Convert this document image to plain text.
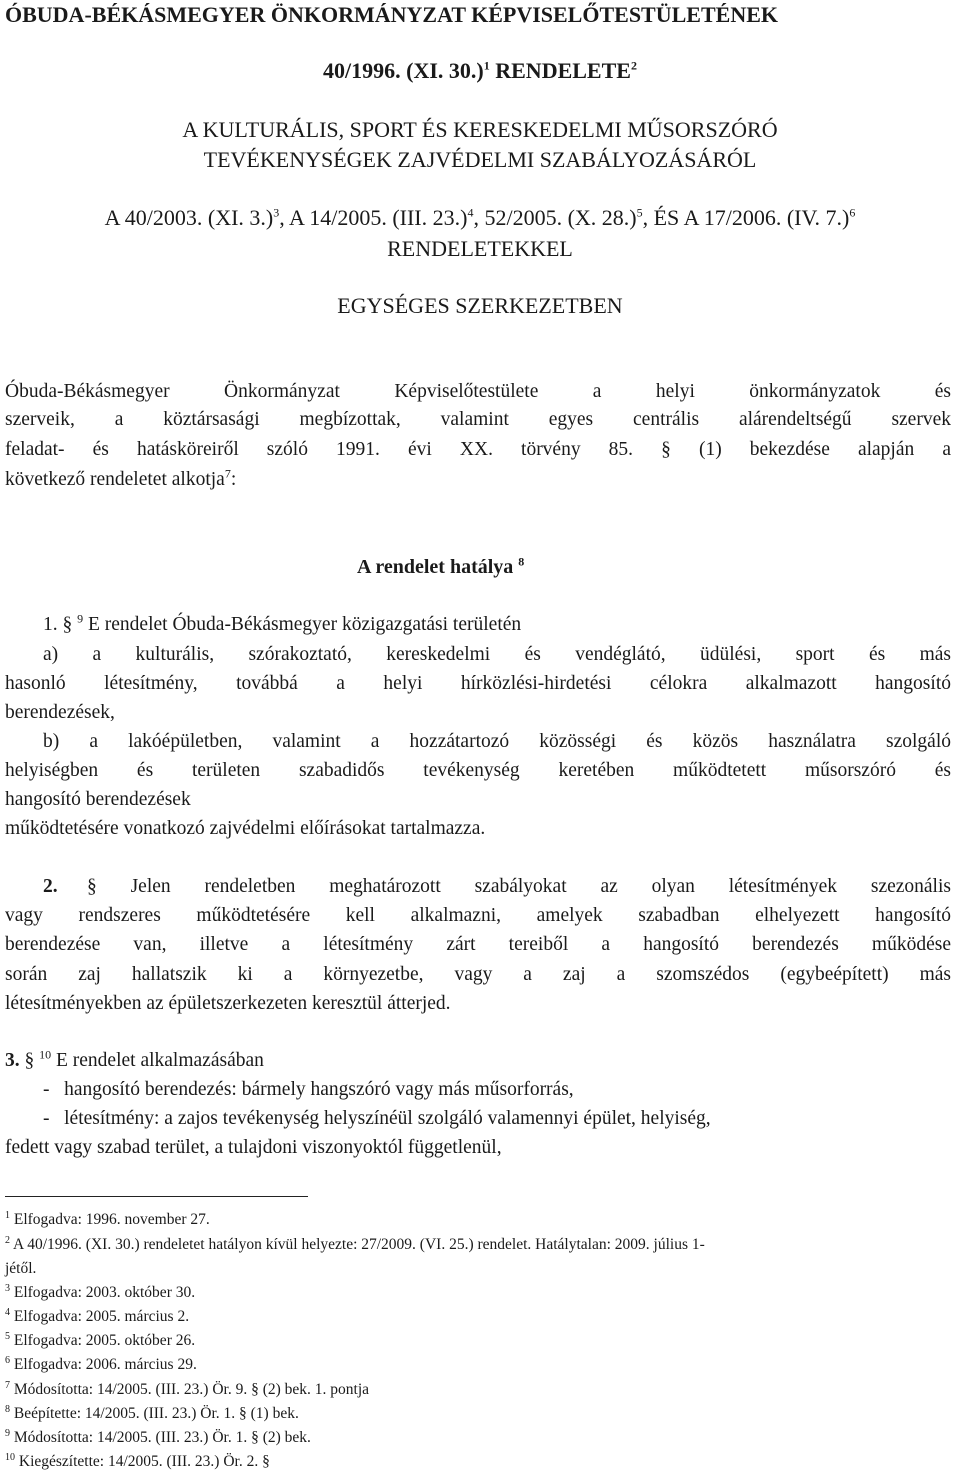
ÓBUDA-BÉKÁSMEGYER ÖNKORMÁNYZAT KÉPVISELŐTESTÜLETÉNEK
40/1996. (XI. 30.)$^1$ RENDELETE$^2$
A KULTURÁLIS, SPORT ÉS KERESKEDELMI MŰSORSZÓRÓ
TEVÉKENYSÉGEK ZAJVÉDELMI SZABÁLYOZÁSÁRÓL
A 40/2003. (XI. 3.)$^3$, A 14/2005. (III. 23.)$^4$, 52/2005. (X. 28.)$^5$, ÉS A 17/2006. (IV. 7.)$^6$
RENDELETEKKEL
EGYSÉGES SZERKEZETBEN
Óbuda-Békásmegyer Önkormányzat Képviselőtestülete a helyi önkormányzatok és
szerveik, a köztársasági megbízottak, valamint egyes centrális alárendeltségű szervek
feladat- és hatásköreiről szóló 1991. évi XX. törvény 85. § (1) bekezdése alapján a
következő rendeletet alkotja$^7$:
A rendelet hatálya $^8$
1. § $^9$ E rendelet Óbuda-Békásmegyer közigazgatási területén
a) a kulturális, szórakoztató, kereskedelmi és vendéglátó, üdülési, sport és más
hasonló létesítmény, továbbá a helyi hírközlési-hirdetési célokra alkalmazott hangosító
berendezések,
b) a lakóépületben, valamint a hozzátartozó közösségi és közös használatra szolgáló
helyiségben és területen szabadidős tevékenység keretében működtetett műsorszóró és
hangosító berendezések
működtetésére vonatkozó zajvédelmi előírásokat tartalmazza.
2. § Jelen rendeletben meghatározott szabályokat az olyan létesítmények szezonális
vagy rendszeres működtetésére kell alkalmazni, amelyek szabadban elhelyezett hangosító
berendezése van, illetve a létesítmény zárt tereiből a hangosító berendezés működése
során zaj hallatszik ki a környezetbe, vagy a zaj a szomszédos (egybeépített) más
létesítményekben az épületszerkezeten keresztül átterjed.
3. § $^{10}$ E rendelet alkalmazásában
-   hangosító berendezés: bármely hangszóró vagy más műsorforrás,
-   létesítmény: a zajos tevékenység helyszínéül szolgáló valamennyi épület, helyiség,
fedett vagy szabad terület, a tulajdoni viszonyoktól függetlenül,
$^1$ Elfogadva: 1996. november 27.
$^2$ A 40/1996. (XI. 30.) rendeletet hatályon kívül helyezte: 27/2009. (VI. 25.) rendelet. Hatálytalan: 2009. július 1-
jétől.
$^3$ Elfogadva: 2003. október 30.
$^4$ Elfogadva: 2005. március 2.
$^5$ Elfogadva: 2005. október 26.
$^6$ Elfogadva: 2006. március 29.
$^7$ Módosította: 14/2005. (III. 23.) Ör. 9. § (2) bek. 1. pontja
$^8$ Beépítette: 14/2005. (III. 23.) Ör. 1. § (1) bek.
$^9$ Módosította: 14/2005. (III. 23.) Ör. 1. § (2) bek.
$^{10}$ Kiegészítette: 14/2005. (III. 23.) Ör. 2. §
